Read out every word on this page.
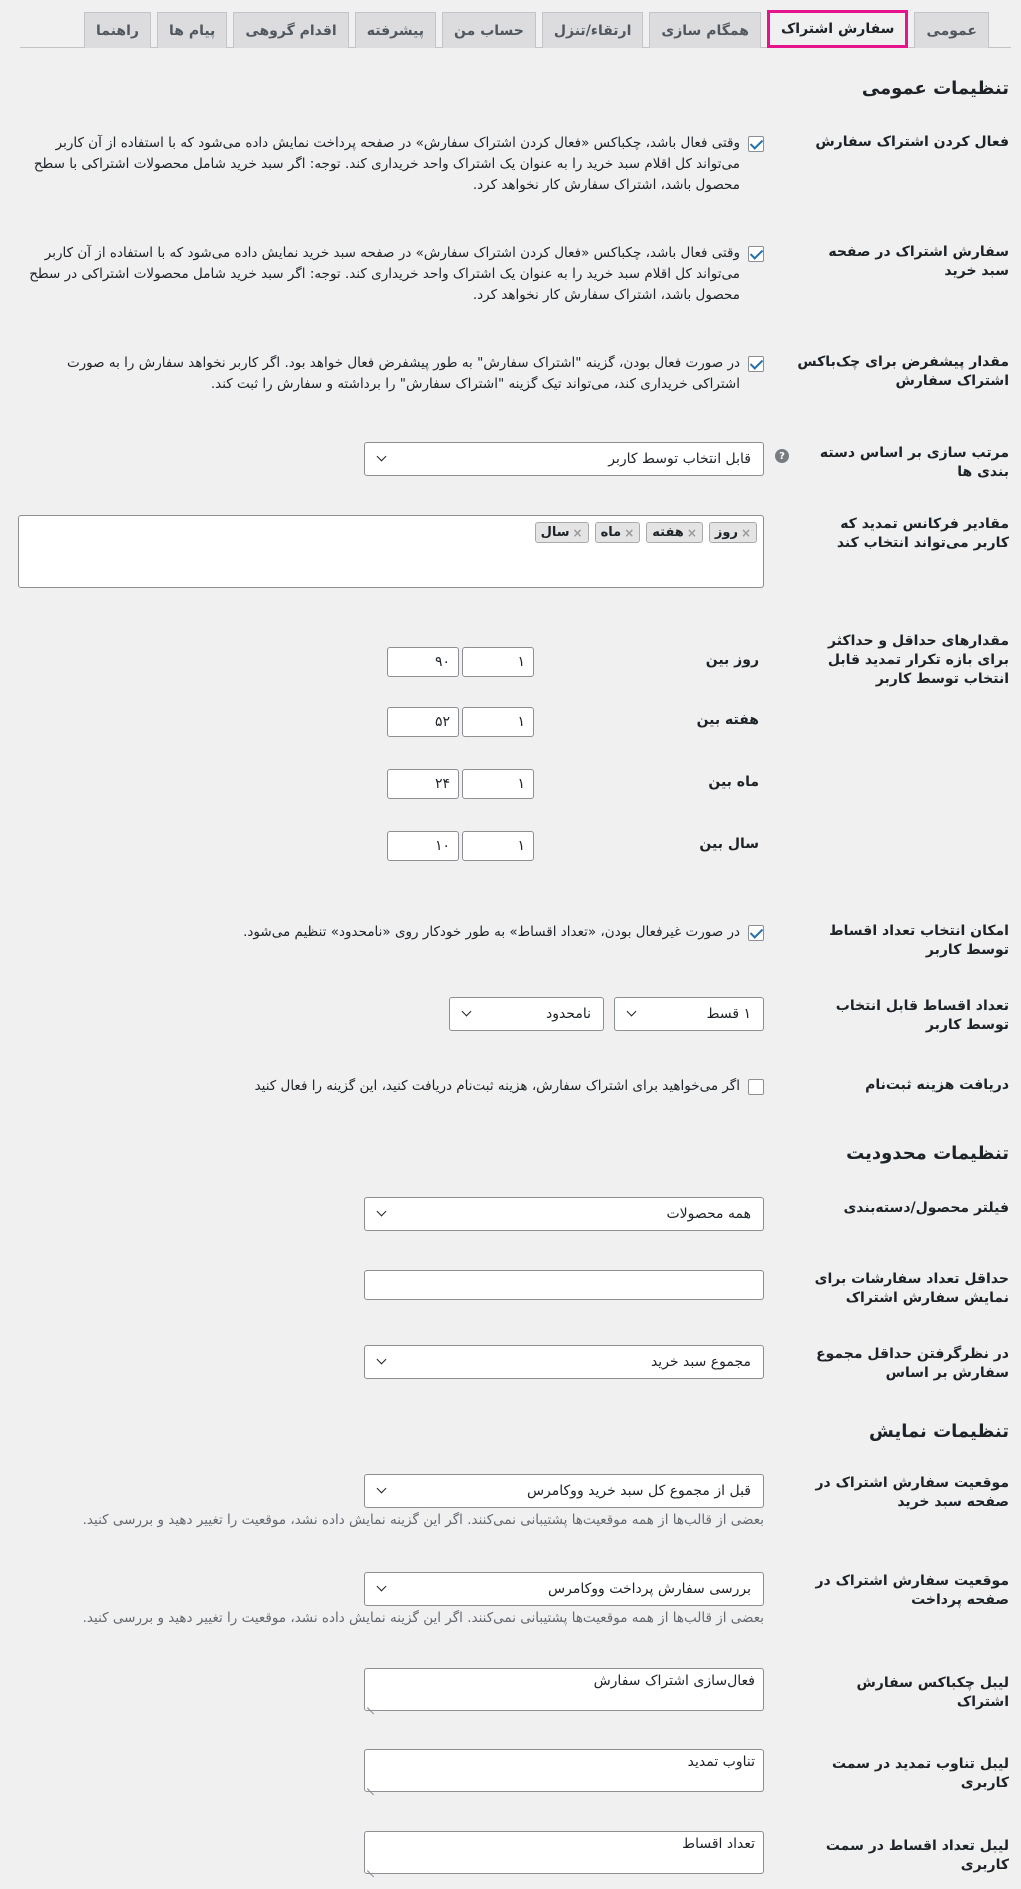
عمومی
سفارش اشتراک
همگام سازی
ارتقاء/تنزل
حساب من
پیشرفته
اقدام گروهی
پیام ها
راهنما
تنظیمات عمومی
فعال کردن اشتراک سفارش
وقتی فعال باشد، چکباکس «فعال کردن اشتراک سفارش» در صفحه پرداخت نمایش داده می‌شود که با استفاده از آن کاربر می‌تواند کل اقلام سبد خرید را به عنوان یک اشتراک واحد خریداری کند. توجه: اگر سبد خرید شامل محصولات اشتراکی با سطح محصول باشد، اشتراک سفارش کار نخواهد کرد.
سفارش اشتراک در صفحه سبد خرید
وقتی فعال باشد، چکباکس «فعال کردن اشتراک سفارش» در صفحه سبد خرید نمایش داده می‌شود که با استفاده از آن کاربر می‌تواند کل اقلام سبد خرید را به عنوان یک اشتراک واحد خریداری کند. توجه: اگر سبد خرید شامل محصولات اشتراکی در سطح محصول باشد، اشتراک سفارش کار نخواهد کرد.
مقدار پیشفرض برای چک‌باکس اشتراک سفارش
در صورت فعال بودن، گزینه "اشتراک سفارش" به طور پیشفرض فعال خواهد بود. اگر کاربر نخواهد سفارش را به صورت اشتراکی خریداری کند، می‌تواند تیک گزینه "اشتراک سفارش" را برداشته و سفارش را ثبت کند.
مرتب سازی بر اساس دسته بندی ها
?
قابل انتخاب توسط کاربر
مقادیر فرکانس تمدید که کاربر می‌تواند انتخاب کند
×
روز
×
هفته
×
ماه
×
سال
مقدارهای حداقل و حداکثر برای بازه تکرار تمدید قابل انتخاب توسط کاربر
روز بین
۱
۹۰
هفته بین
۱
۵۲
ماه بین
۱
۲۴
سال بین
۱
۱۰
امکان انتخاب تعداد اقساط توسط کاربر
در صورت غیرفعال بودن، «تعداد اقساط» به طور خودکار روی «نامحدود» تنظیم می‌شود.
تعداد اقساط قابل انتخاب توسط کاربر
۱ قسط
نامحدود
دریافت هزینه ثبت‌نام
اگر می‌خواهید برای اشتراک سفارش، هزینه ثبت‌نام دریافت کنید، این گزینه را فعال کنید
تنظیمات محدودیت
فیلتر محصول/دسته‌بندی
همه محصولات
حداقل تعداد سفارشات برای نمایش سفارش اشتراک
در نظرگرفتن حداقل مجموع سفارش بر اساس
مجموع سبد خرید
تنظیمات نمایش
موقعیت سفارش اشتراک در صفحه سبد خرید
قبل از مجموع کل سبد خرید ووکامرس
بعضی از قالب‌ها از همه موقعیت‌ها پشتیبانی نمی‌کنند. اگر این گزینه نمایش داده نشد، موقعیت را تغییر دهید و بررسی کنید.
موقعیت سفارش اشتراک در صفحه پرداخت
بررسی سفارش پرداخت ووکامرس
بعضی از قالب‌ها از همه موقعیت‌ها پشتیبانی نمی‌کنند. اگر این گزینه نمایش داده نشد، موقعیت را تغییر دهید و بررسی کنید.
لیبل چکباکس سفارش اشتراک
فعال‌سازی اشتراک سفارش
لیبل تناوب تمدید در سمت کاربری
تناوب تمدید
لیبل تعداد اقساط در سمت کاربری
تعداد اقساط
